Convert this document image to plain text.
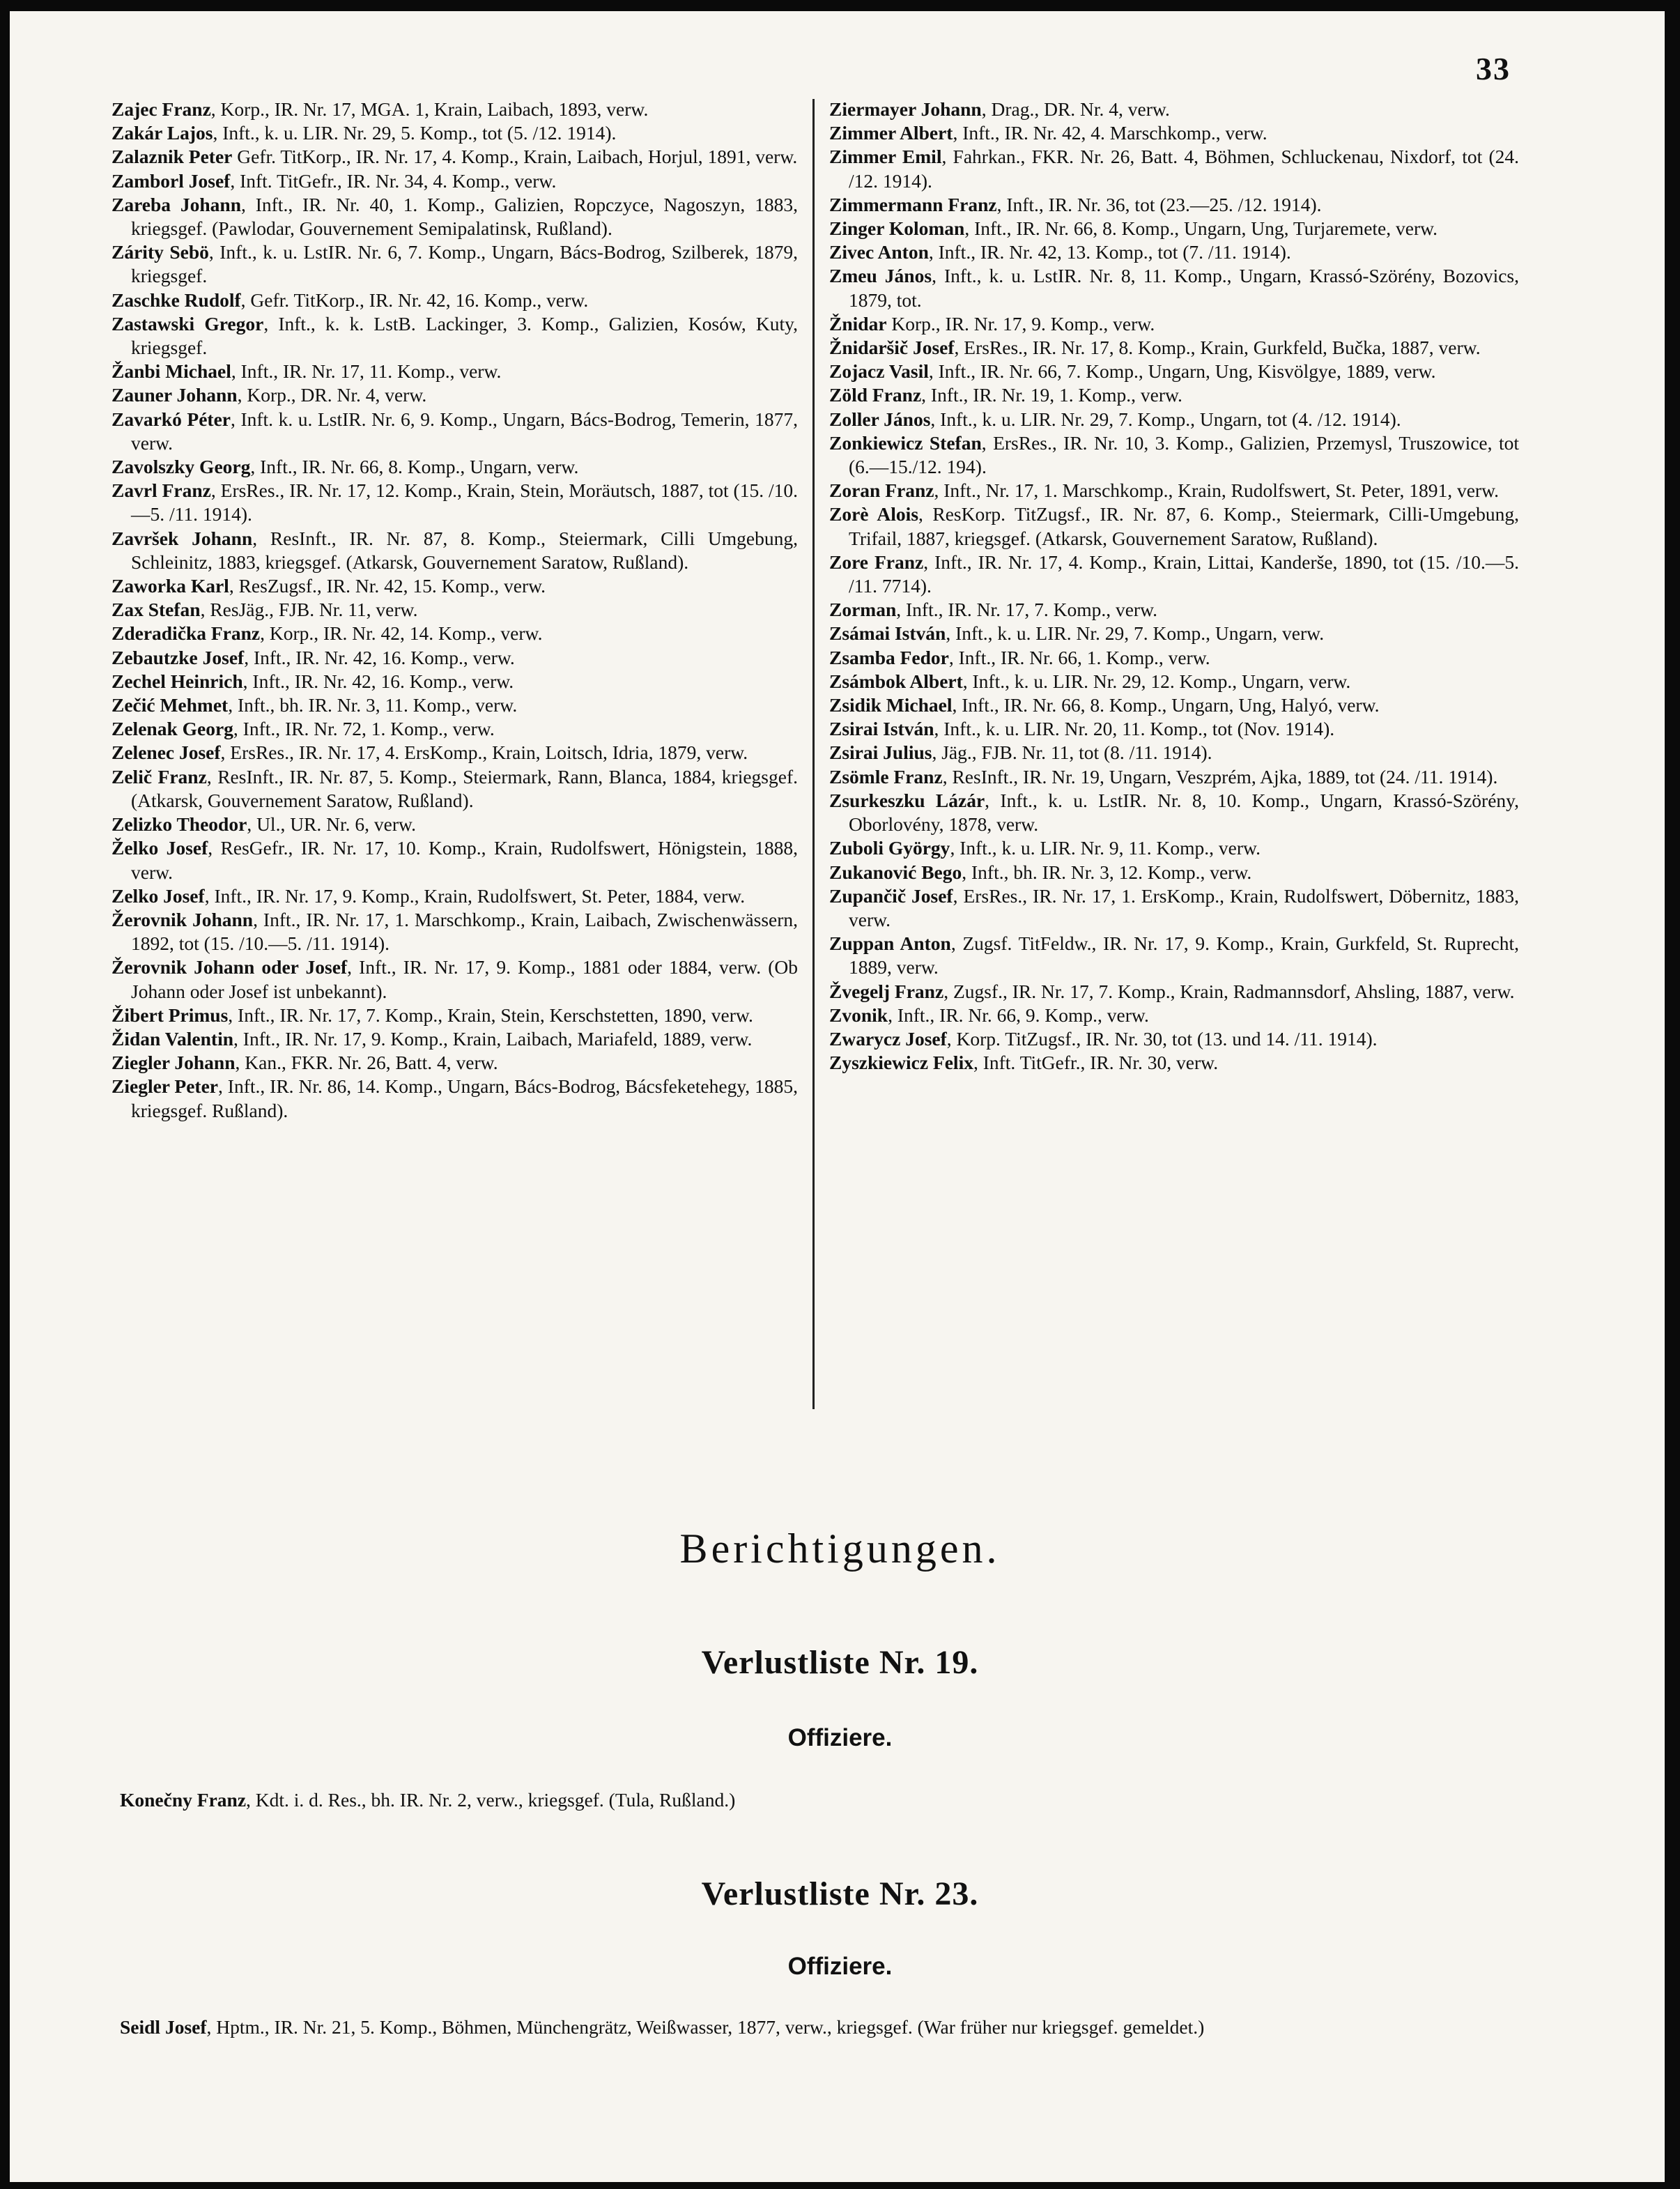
33
Zajec Franz, Korp., IR. Nr. 17, MGA. 1, Krain, Laibach, 1893, verw.
Zakár Lajos, Inft., k. u. LIR. Nr. 29, 5. Komp., tot (5. /12. 1914).
Zalaznik Peter Gefr. TitKorp., IR. Nr. 17, 4. Komp., Krain, Laibach, Horjul, 1891, verw.
Zamborl Josef, Inft. TitGefr., IR. Nr. 34, 4. Komp., verw.
Zareba Johann, Inft., IR. Nr. 40, 1. Komp., Galizien, Ropczyce, Nagoszyn, 1883, kriegsgef. (Pawlodar, Gouvernement Semipalatinsk, Rußland).
Zárity Sebö, Inft., k. u. LstIR. Nr. 6, 7. Komp., Ungarn, Bács-Bodrog, Szilberek, 1879, kriegsgef.
Zaschke Rudolf, Gefr. TitKorp., IR. Nr. 42, 16. Komp., verw.
Zastawski Gregor, Inft., k. k. LstB. Lackinger, 3. Komp., Galizien, Kosów, Kuty, kriegsgef.
Žanbi Michael, Inft., IR. Nr. 17, 11. Komp., verw.
Zauner Johann, Korp., DR. Nr. 4, verw.
Zavarkó Péter, Inft. k. u. LstIR. Nr. 6, 9. Komp., Ungarn, Bács-Bodrog, Temerin, 1877, verw.
Zavolszky Georg, Inft., IR. Nr. 66, 8. Komp., Ungarn, verw.
Zavrl Franz, ErsRes., IR. Nr. 17, 12. Komp., Krain, Stein, Moräutsch, 1887, tot (15. /10.—5. /11. 1914).
Završek Johann, ResInft., IR. Nr. 87, 8. Komp., Steiermark, Cilli Umgebung, Schleinitz, 1883, kriegsgef. (Atkarsk, Gouvernement Saratow, Rußland).
Zaworka Karl, ResZugsf., IR. Nr. 42, 15. Komp., verw.
Zax Stefan, ResJäg., FJB. Nr. 11, verw.
Zderadička Franz, Korp., IR. Nr. 42, 14. Komp., verw.
Zebautzke Josef, Inft., IR. Nr. 42, 16. Komp., verw.
Zechel Heinrich, Inft., IR. Nr. 42, 16. Komp., verw.
Zečić Mehmet, Inft., bh. IR. Nr. 3, 11. Komp., verw.
Zelenak Georg, Inft., IR. Nr. 72, 1. Komp., verw.
Zelenec Josef, ErsRes., IR. Nr. 17, 4. ErsKomp., Krain, Loitsch, Idria, 1879, verw.
Zelič Franz, ResInft., IR. Nr. 87, 5. Komp., Steiermark, Rann, Blanca, 1884, kriegsgef. (Atkarsk, Gouvernement Saratow, Rußland).
Zelizko Theodor, Ul., UR. Nr. 6, verw.
Želko Josef, ResGefr., IR. Nr. 17, 10. Komp., Krain, Rudolfswert, Hönigstein, 1888, verw.
Zelko Josef, Inft., IR. Nr. 17, 9. Komp., Krain, Rudolfswert, St. Peter, 1884, verw.
Žerovnik Johann, Inft., IR. Nr. 17, 1. Marschkomp., Krain, Laibach, Zwischenwässern, 1892, tot (15. /10.—5. /11. 1914).
Žerovnik Johann oder Josef, Inft., IR. Nr. 17, 9. Komp., 1881 oder 1884, verw. (Ob Johann oder Josef ist unbekannt).
Žibert Primus, Inft., IR. Nr. 17, 7. Komp., Krain, Stein, Kerschstetten, 1890, verw.
Židan Valentin, Inft., IR. Nr. 17, 9. Komp., Krain, Laibach, Mariafeld, 1889, verw.
Ziegler Johann, Kan., FKR. Nr. 26, Batt. 4, verw.
Ziegler Peter, Inft., IR. Nr. 86, 14. Komp., Ungarn, Bács-Bodrog, Bácsfeketehegy, 1885, kriegsgef. Rußland).
Ziermayer Johann, Drag., DR. Nr. 4, verw.
Zimmer Albert, Inft., IR. Nr. 42, 4. Marschkomp., verw.
Zimmer Emil, Fahrkan., FKR. Nr. 26, Batt. 4, Böhmen, Schluckenau, Nixdorf, tot (24. /12. 1914).
Zimmermann Franz, Inft., IR. Nr. 36, tot (23.—25. /12. 1914).
Zinger Koloman, Inft., IR. Nr. 66, 8. Komp., Ungarn, Ung, Turjaremete, verw.
Zivec Anton, Inft., IR. Nr. 42, 13. Komp., tot (7. /11. 1914).
Zmeu János, Inft., k. u. LstIR. Nr. 8, 11. Komp., Ungarn, Krassó-Szörény, Bozovics, 1879, tot.
Žnidar Korp., IR. Nr. 17, 9. Komp., verw.
Žnidaršič Josef, ErsRes., IR. Nr. 17, 8. Komp., Krain, Gurkfeld, Bučka, 1887, verw.
Zojacz Vasil, Inft., IR. Nr. 66, 7. Komp., Ungarn, Ung, Kisvölgye, 1889, verw.
Zöld Franz, Inft., IR. Nr. 19, 1. Komp., verw.
Zoller János, Inft., k. u. LIR. Nr. 29, 7. Komp., Ungarn, tot (4. /12. 1914).
Zonkiewicz Stefan, ErsRes., IR. Nr. 10, 3. Komp., Galizien, Przemysl, Truszowice, tot (6.—15./12. 194).
Zoran Franz, Inft., Nr. 17, 1. Marschkomp., Krain, Rudolfswert, St. Peter, 1891, verw.
Zorè Alois, ResKorp. TitZugsf., IR. Nr. 87, 6. Komp., Steiermark, Cilli-Umgebung, Trifail, 1887, kriegsgef. (Atkarsk, Gouvernement Saratow, Rußland).
Zore Franz, Inft., IR. Nr. 17, 4. Komp., Krain, Littai, Kanderše, 1890, tot (15. /10.—5. /11. 7714).
Zorman, Inft., IR. Nr. 17, 7. Komp., verw.
Zsámai István, Inft., k. u. LIR. Nr. 29, 7. Komp., Ungarn, verw.
Zsamba Fedor, Inft., IR. Nr. 66, 1. Komp., verw.
Zsámbok Albert, Inft., k. u. LIR. Nr. 29, 12. Komp., Ungarn, verw.
Zsidik Michael, Inft., IR. Nr. 66, 8. Komp., Ungarn, Ung, Halyó, verw.
Zsirai István, Inft., k. u. LIR. Nr. 20, 11. Komp., tot (Nov. 1914).
Zsirai Julius, Jäg., FJB. Nr. 11, tot (8. /11. 1914).
Zsömle Franz, ResInft., IR. Nr. 19, Ungarn, Veszprém, Ajka, 1889, tot (24. /11. 1914).
Zsurkeszku Lázár, Inft., k. u. LstIR. Nr. 8, 10. Komp., Ungarn, Krassó-Szörény, Oborlovény, 1878, verw.
Zuboli György, Inft., k. u. LIR. Nr. 9, 11. Komp., verw.
Zukanović Bego, Inft., bh. IR. Nr. 3, 12. Komp., verw.
Zupančič Josef, ErsRes., IR. Nr. 17, 1. ErsKomp., Krain, Rudolfswert, Döbernitz, 1883, verw.
Zuppan Anton, Zugsf. TitFeldw., IR. Nr. 17, 9. Komp., Krain, Gurkfeld, St. Ruprecht, 1889, verw.
Žvegelj Franz, Zugsf., IR. Nr. 17, 7. Komp., Krain, Radmannsdorf, Ahsling, 1887, verw.
Zvonik, Inft., IR. Nr. 66, 9. Komp., verw.
Zwarycz Josef, Korp. TitZugsf., IR. Nr. 30, tot (13. und 14. /11. 1914).
Zyszkiewicz Felix, Inft. TitGefr., IR. Nr. 30, verw.
Berichtigungen.
Verlustliste Nr. 19.
Offiziere.
Konečny Franz, Kdt. i. d. Res., bh. IR. Nr. 2, verw., kriegsgef. (Tula, Rußland.)
Verlustliste Nr. 23.
Offiziere.
Seidl Josef, Hptm., IR. Nr. 21, 5. Komp., Böhmen, Münchengrätz, Weißwasser, 1877, verw., kriegsgef. (War früher nur kriegsgef. gemeldet.)
